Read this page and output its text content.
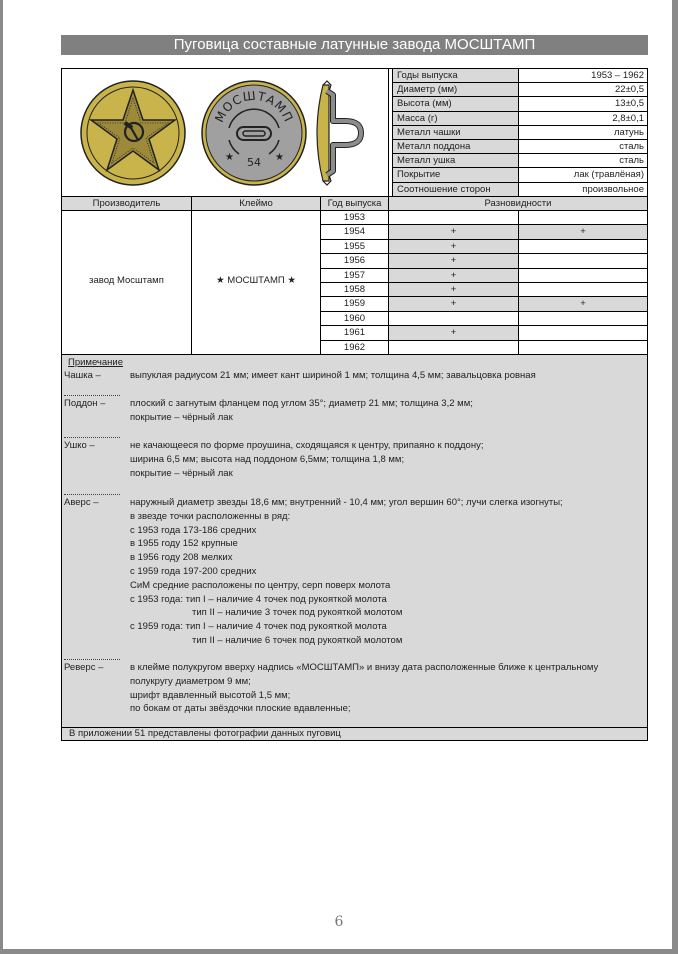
Пуговица составные латунные завода МОСШТАМП
МОСШТАМП
★	★
54
Годы выпуска	1953 – 1962
Диаметр (мм)	22±0,5
Высота (мм)	13±0,5
Масса (г)	2,8±0,1
Металл чашки	латунь
Металл поддона	сталь
Металл ушка	сталь
Покрытие	лак (травлёная)
Соотношение сторон	произвольное
Производитель	Клеймо	Год выпуска	Разновидности
завод Мосштамп	★ МОСШТАМП ★
1953
1954	+	+
1955	+
1956	+
1957	+
1958	+
1959	+	+
1960
1961	+
1962
Примечание
Чашка –	выпуклая радиусом 21 мм; имеет кант шириной 1 мм; толщина 4,5 мм; завальцовка ровная
Поддон –	плоский с загнутым фланцем под углом 35°; диаметр 21 мм; толщина 3,2 мм;
покрытие – чёрный лак
Ушко –	не качающееся по форме проушина, сходящаяся к центру, припаяно к поддону;
ширина 6,5 мм; высота над поддоном 6,5мм; толщина 1,8 мм;
покрытие – чёрный лак
Аверс –	наружный диаметр звезды 18,6 мм; внутренний - 10,4 мм; угол вершин 60°; лучи слегка изогнуты;
в звезде точки расположенны в ряд:
с 1953 года 173-186 средних
в 1955 году 152 крупные
в 1956 году 208 мелких
с 1959 года 197-200 средних
СиМ средние расположены по центру, серп поверх молота
с 1953 года: тип I – наличие 4 точек под рукояткой молота
тип II – наличие 3 точек под рукояткой молотом
с 1959 года: тип I – наличие 4 точек под рукояткой молота
тип II – наличие 6 точек под рукояткой молотом
Реверс –	в клейме полукругом вверху надпись «МОСШТАМП» и внизу дата расположенные ближе к центральному
полукругу диаметром 9 мм;
шрифт вдавленный высотой 1,5 мм;
по бокам от даты звёздочки плоские вдавленные;
В приложении 51 представлены фотографии данных пуговиц
6
